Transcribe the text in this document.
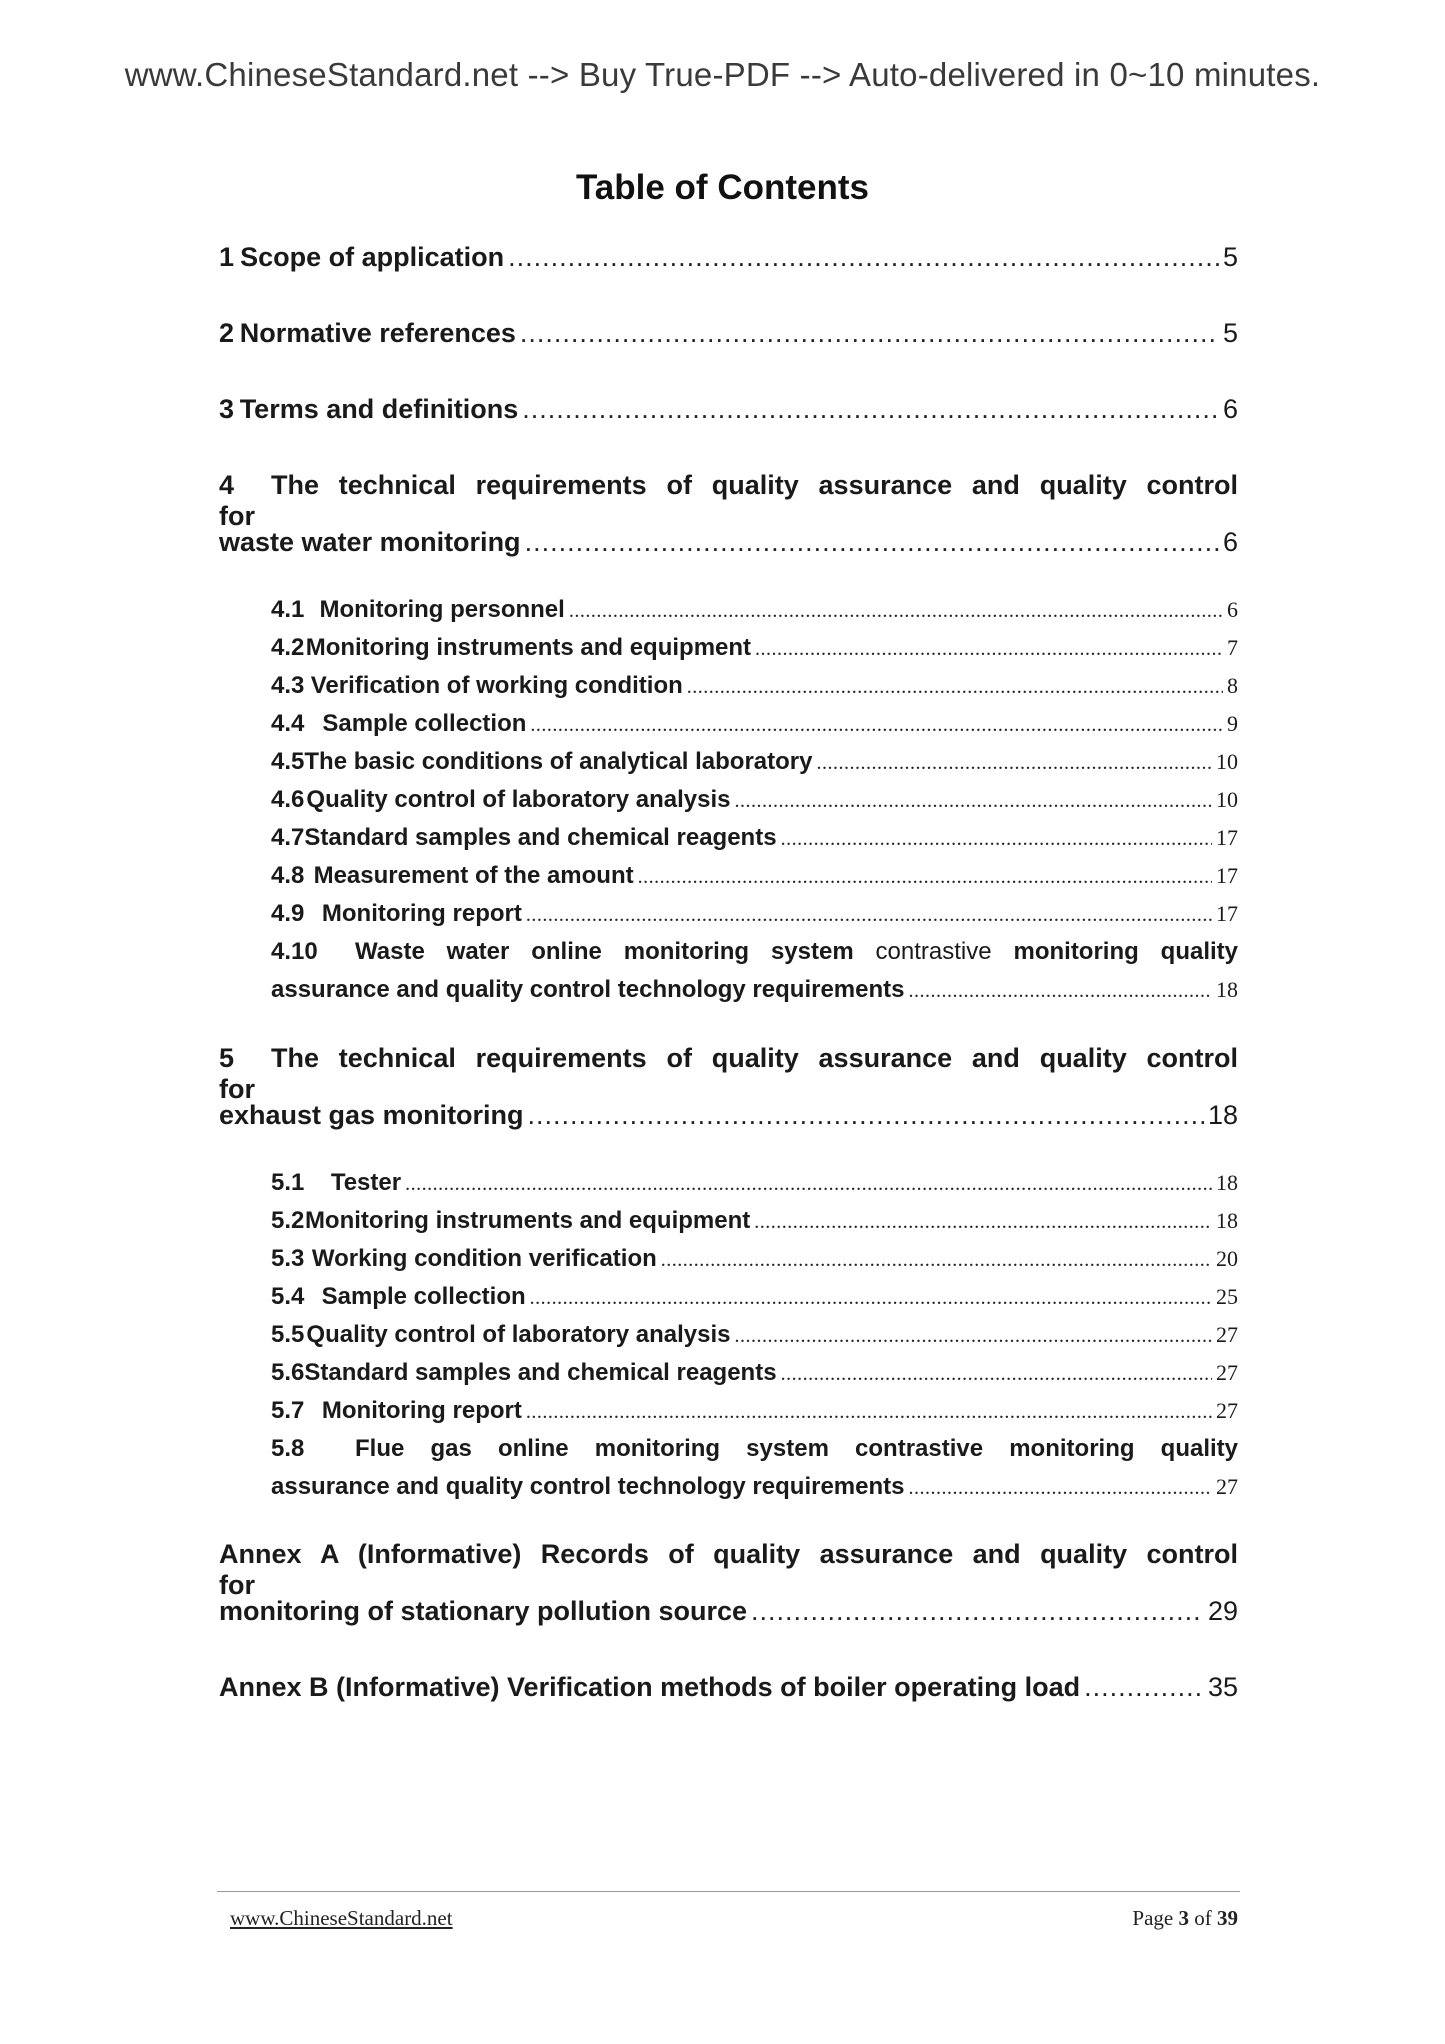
www.ChineseStandard.net --> Buy True-PDF --> Auto-delivered in 0~10 minutes.
Table of Contents
1 Scope of application .....	5
2 Normative references .....	5
3 Terms and definitions .....	6
4 The technical requirements of quality assurance and quality control for
waste water monitoring .....	6
4.1 Monitoring personnel .....	6
4.2 Monitoring instruments and equipment .....	7
4.3 Verification of working condition .....	8
4.4 Sample collection .....	9
4.5 The basic conditions of analytical laboratory .....	10
4.6 Quality control of laboratory analysis .....	10
4.7 Standard samples and chemical reagents .....	17
4.8 Measurement of the amount .....	17
4.9 Monitoring report .....	17
4.10 Waste water online monitoring system contrastive monitoring quality
assurance and quality control technology requirements .....	18
5 The technical requirements of quality assurance and quality control for
exhaust gas monitoring .....	18
5.1	Tester .....	18
5.2 Monitoring instruments and equipment .....	18
5.3 Working condition verification .....	20
5.4 Sample collection .....	25
5.5 Quality control of laboratory analysis .....	27
5.6 Standard samples and chemical reagents .....	27
5.7 Monitoring report .....	27
5.8 Flue gas online monitoring system contrastive monitoring quality
assurance and quality control technology requirements .....	27
Annex A (Informative) Records of quality assurance and quality control for
monitoring of stationary pollution source .....	29
Annex B (Informative) Verification methods of boiler operating load .....	35
www.ChineseStandard.net	Page 3 of 39
